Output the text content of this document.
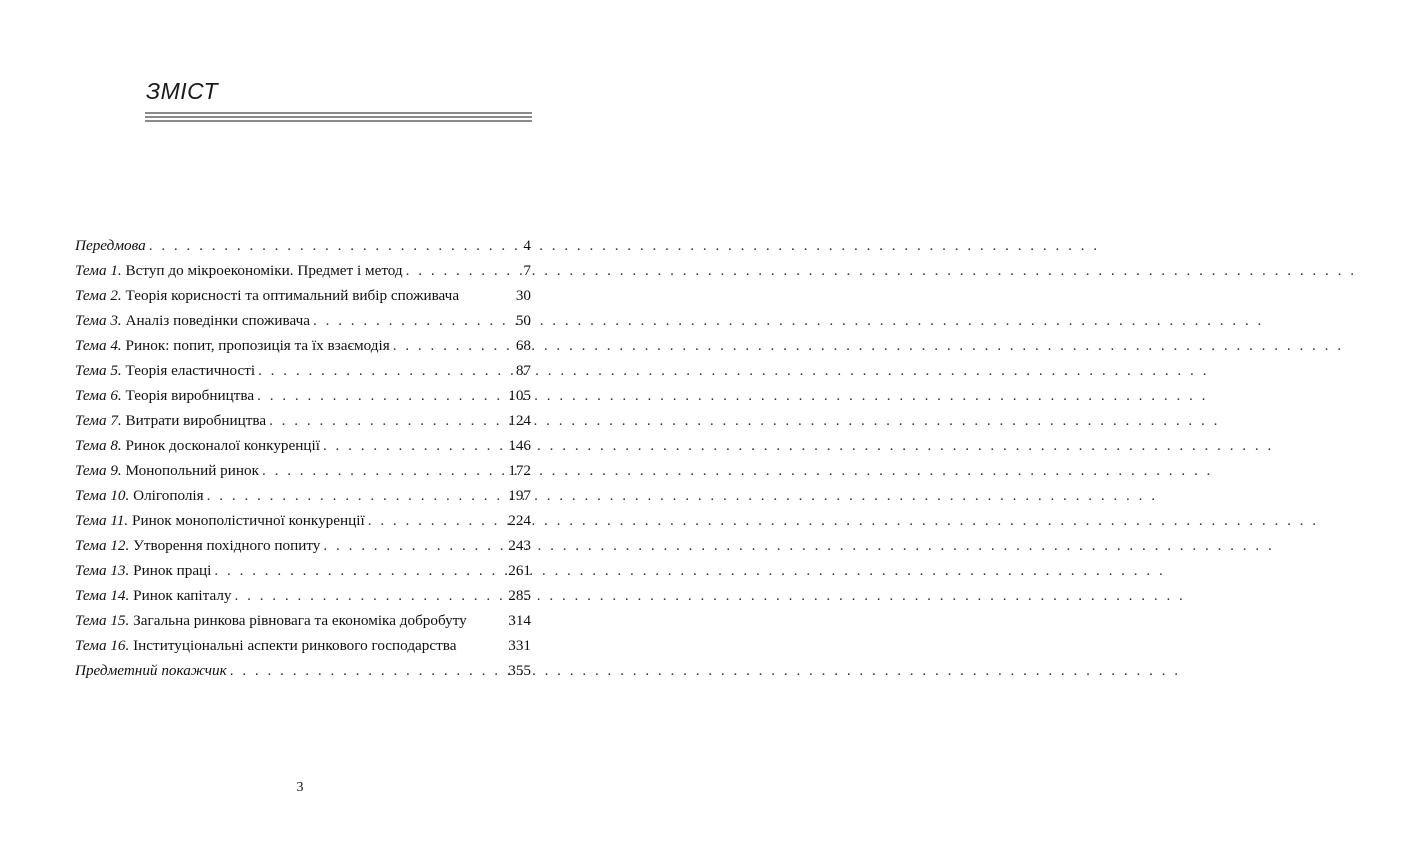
ЗМІСТ
Передмова . . .	4
Тема 1. Вступ до мікроекономіки. Предмет і метод . . .	7
Тема 2. Теорія корисності та оптимальний вибір споживача	30
Тема 3. Аналіз поведінки споживача . . .	50
Тема 4. Ринок: попит, пропозиція та їх взаємодія . . .	68
Тема 5. Теорія еластичності . . .	87
Тема 6. Теорія виробництва . . .	105
Тема 7. Витрати виробництва . . .	124
Тема 8. Ринок досконалої конкуренції . . .	146
Тема 9. Монопольний ринок . . .	172
Тема 10. Олігополія . . .	197
Тема 11. Ринок монополістичної конкуренції . . .	224
Тема 12. Утворення похідного попиту . . .	243
Тема 13. Ринок праці . . .	261
Тема 14. Ринок капіталу . . .	285
Тема 15. Загальна ринкова рівновага та економіка добробуту	314
Тема 16. Інституціональні аспекти ринкового господарства	331
Предметний покажчик . . .	355
3
